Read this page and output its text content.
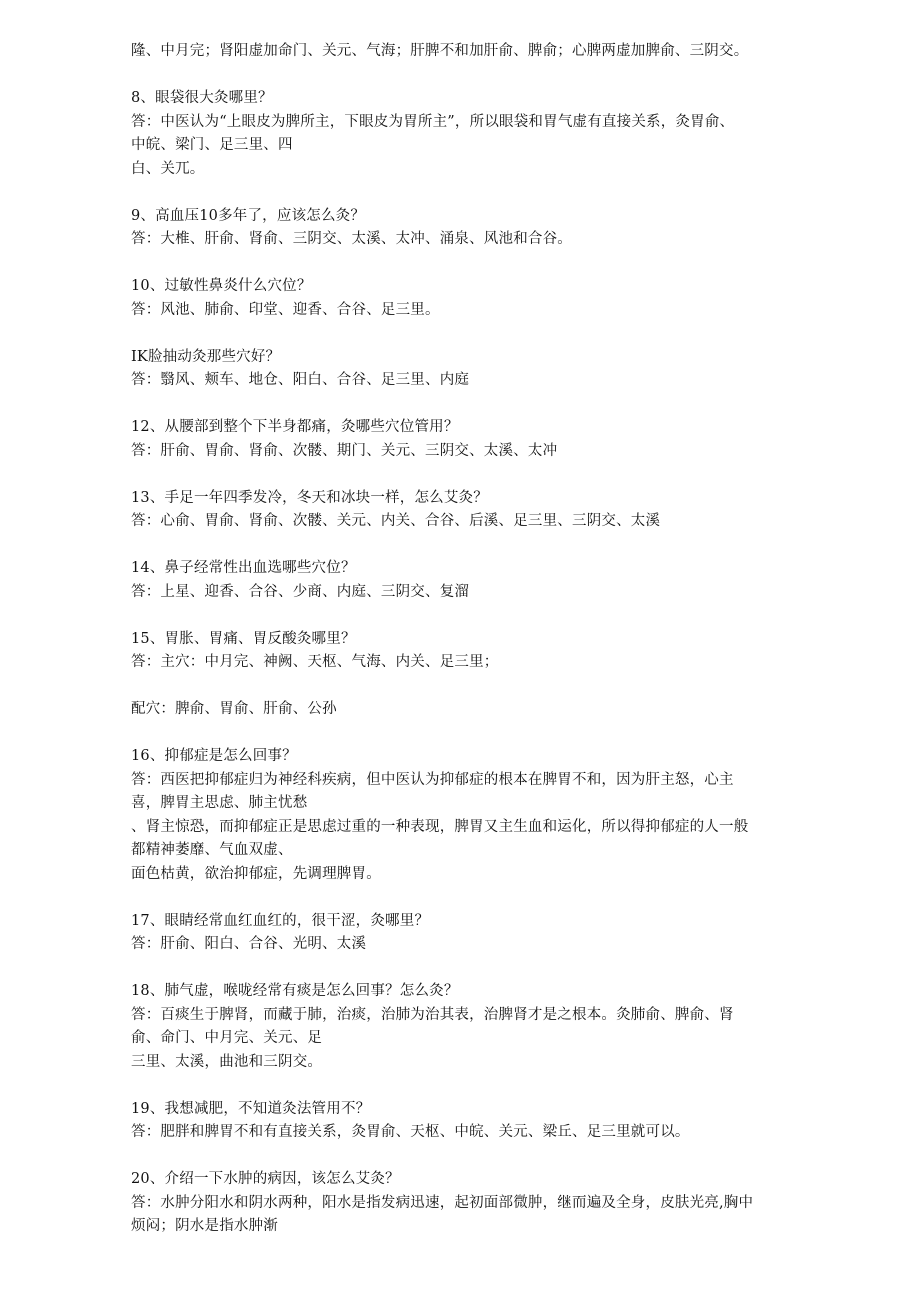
隆、中月完；肾阳虚加命门、关元、气海；肝脾不和加肝俞、脾俞；心脾两虚加脾俞、三阴交。
8、眼袋很大灸哪里？
答：中医认为“上眼皮为脾所主，下眼皮为胃所主”，所以眼袋和胃气虚有直接关系，灸胃俞、
中皖、梁门、足三里、四
白、关兀。
9、高血压10多年了，应该怎么灸？
答：大椎、肝俞、肾俞、三阴交、太溪、太冲、涌泉、风池和合谷。
10、过敏性鼻炎什么穴位？
答：风池、肺俞、印堂、迎香、合谷、足三里。
IK脸抽动灸那些穴好？
答：翳风、颊车、地仓、阳白、合谷、足三里、内庭
12、从腰部到整个下半身都痛，灸哪些穴位管用？
答：肝俞、胃俞、肾俞、次髅、期门、关元、三阴交、太溪、太冲
13、手足一年四季发冷，冬天和冰块一样，怎么艾灸？
答：心俞、胃俞、肾俞、次髅、关元、内关、合谷、后溪、足三里、三阴交、太溪
14、鼻子经常性出血选哪些穴位？
答：上星、迎香、合谷、少商、内庭、三阴交、复溜
15、胃胀、胃痛、胃反酸灸哪里？
答：主穴：中月完、神阙、天枢、气海、内关、足三里；
配穴：脾俞、胃俞、肝俞、公孙
16、抑郁症是怎么回事？
答：西医把抑郁症归为神经科疾病，但中医认为抑郁症的根本在脾胃不和，因为肝主怒，心主
喜，脾胃主思虑、肺主忧愁
、肾主惊恐，而抑郁症正是思虑过重的一种表现，脾胃又主生血和运化，所以得抑郁症的人一般
都精神萎靡、气血双虚、
面色枯黄，欲治抑郁症，先调理脾胃。
17、眼睛经常血红血红的，很干涩，灸哪里？
答：肝俞、阳白、合谷、光明、太溪
18、肺气虚，喉咙经常有痰是怎么回事？怎么灸？
答：百痰生于脾肾，而藏于肺，治痰，治肺为治其表，治脾肾才是之根本。灸肺俞、脾俞、肾
俞、命门、中月完、关元、足
三里、太溪，曲池和三阴交。
19、我想减肥，不知道灸法管用不？
答：肥胖和脾胃不和有直接关系，灸胃俞、天枢、中皖、关元、梁丘、足三里就可以。
20、介绍一下水肿的病因，该怎么艾灸？
答：水肿分阳水和阴水两种，阳水是指发病迅速，起初面部微肿，继而遍及全身，皮肤光亮,胸中
烦闷；阴水是指水肿渐
